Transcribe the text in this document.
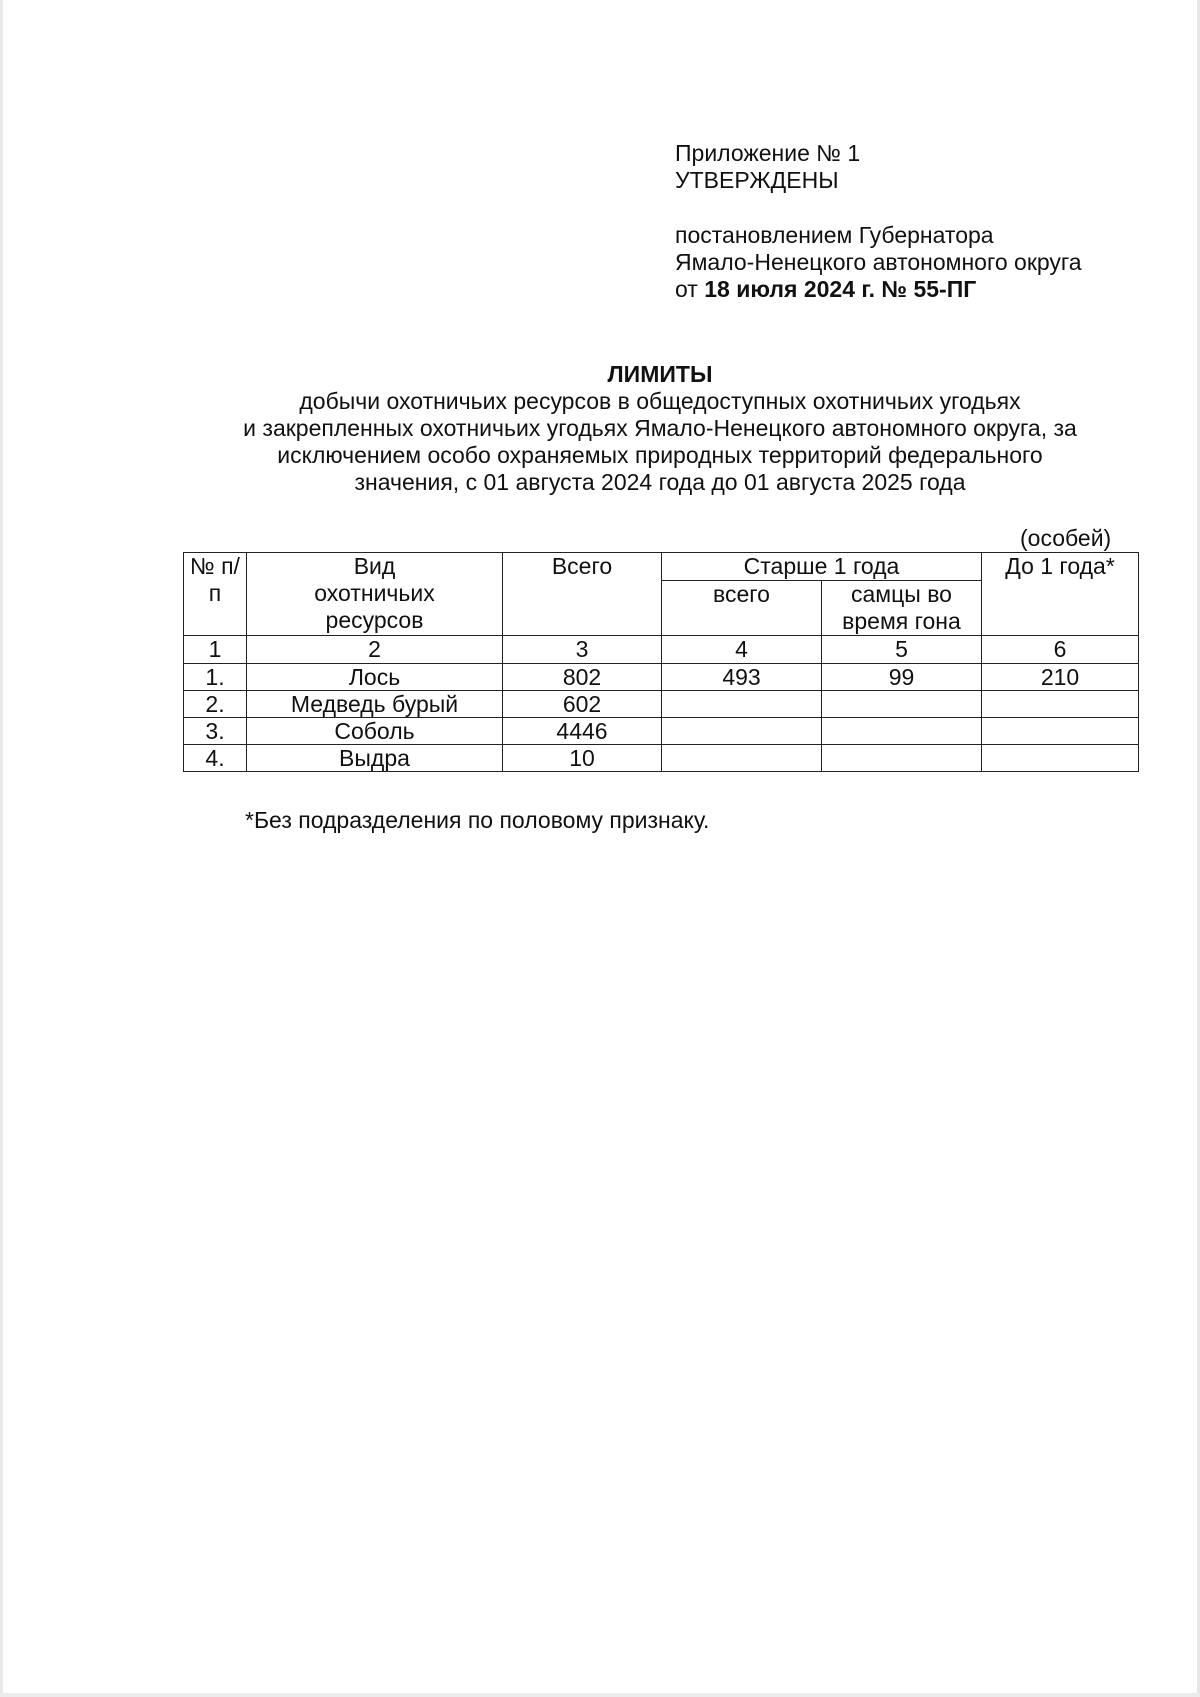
Приложение № 1
УТВЕРЖДЕНЫ
постановлением Губернатора
Ямало-Ненецкого автономного округа
от 18 июля 2024 г. № 55-ПГ
ЛИМИТЫ
добычи охотничьих ресурсов в общедоступных охотничьих угодьях
и закрепленных охотничьих угодьях Ямало-Ненецкого автономного округа, за
исключением особо охраняемых природных территорий федерального
значения, с 01 августа 2024 года до 01 августа 2025 года
(особей)
№ п/п	Вид охотничьих ресурсов	Всего	Старше 1 года		До 1 года*
			всего	самцы во время гона	

1	2	3	4	5	6
1.	Лось	802	493	99	210
2.	Медведь бурый	602			
3.	Соболь	4446			
4.	Выдра	10			
*Без подразделения по половому признаку.
